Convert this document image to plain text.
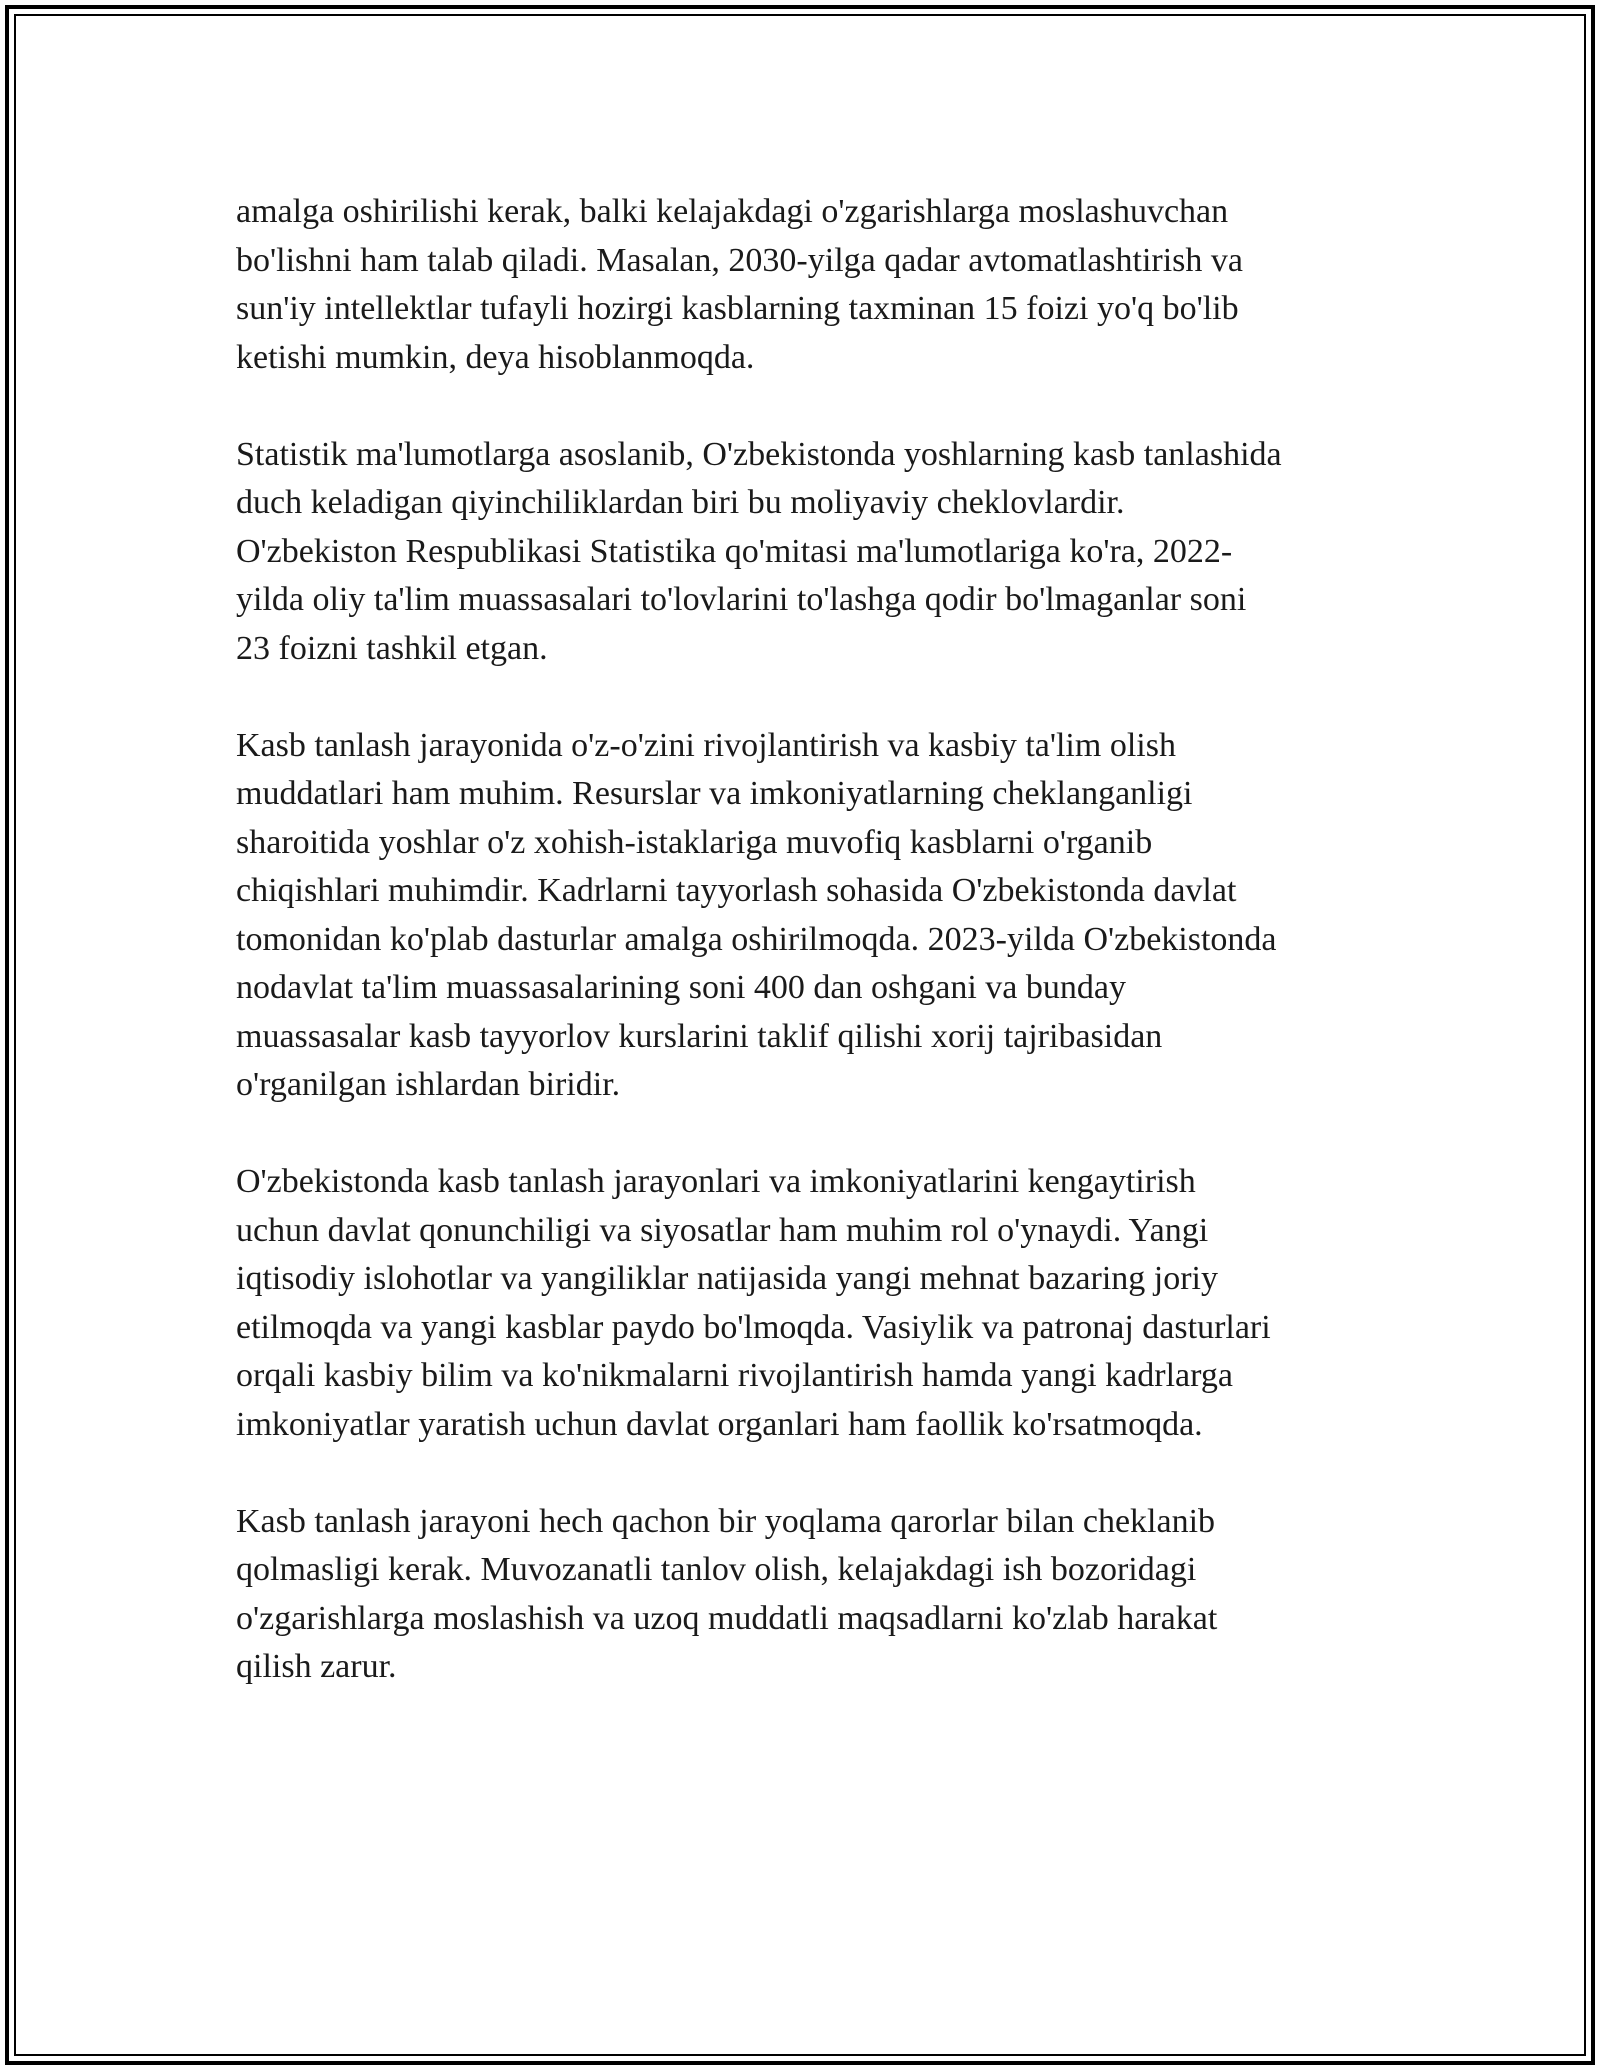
amalga oshirilishi kerak, balki kelajakdagi o'zgarishlarga moslashuvchan
bo'lishni ham talab qiladi. Masalan, 2030-yilga qadar avtomatlashtirish va
sun'iy intellektlar tufayli hozirgi kasblarning taxminan 15 foizi yo'q bo'lib
ketishi mumkin, deya hisoblanmoqda.

Statistik ma'lumotlarga asoslanib, O'zbekistonda yoshlarning kasb tanlashida
duch keladigan qiyinchiliklardan biri bu moliyaviy cheklovlardir.
O'zbekiston Respublikasi Statistika qo'mitasi ma'lumotlariga ko'ra, 2022-
yilda oliy ta'lim muassasalari to'lovlarini to'lashga qodir bo'lmaganlar soni
23 foizni tashkil etgan.

Kasb tanlash jarayonida o'z-o'zini rivojlantirish va kasbiy ta'lim olish
muddatlari ham muhim. Resurslar va imkoniyatlarning cheklanganligi
sharoitida yoshlar o'z xohish-istaklariga muvofiq kasblarni o'rganib
chiqishlari muhimdir. Kadrlarni tayyorlash sohasida O'zbekistonda davlat
tomonidan ko'plab dasturlar amalga oshirilmoqda. 2023-yilda O'zbekistonda
nodavlat ta'lim muassasalarining soni 400 dan oshgani va bunday
muassasalar kasb tayyorlov kurslarini taklif qilishi xorij tajribasidan
o'rganilgan ishlardan biridir.

O'zbekistonda kasb tanlash jarayonlari va imkoniyatlarini kengaytirish
uchun davlat qonunchiligi va siyosatlar ham muhim rol o'ynaydi. Yangi
iqtisodiy islohotlar va yangiliklar natijasida yangi mehnat bazaring joriy
etilmoqda va yangi kasblar paydo bo'lmoqda. Vasiylik va patronaj dasturlari
orqali kasbiy bilim va ko'nikmalarni rivojlantirish hamda yangi kadrlarga
imkoniyatlar yaratish uchun davlat organlari ham faollik ko'rsatmoqda.

Kasb tanlash jarayoni hech qachon bir yoqlama qarorlar bilan cheklanib
qolmasligi kerak. Muvozanatli tanlov olish, kelajakdagi ish bozoridagi
o'zgarishlarga moslashish va uzoq muddatli maqsadlarni ko'zlab harakat
qilish zarur.
